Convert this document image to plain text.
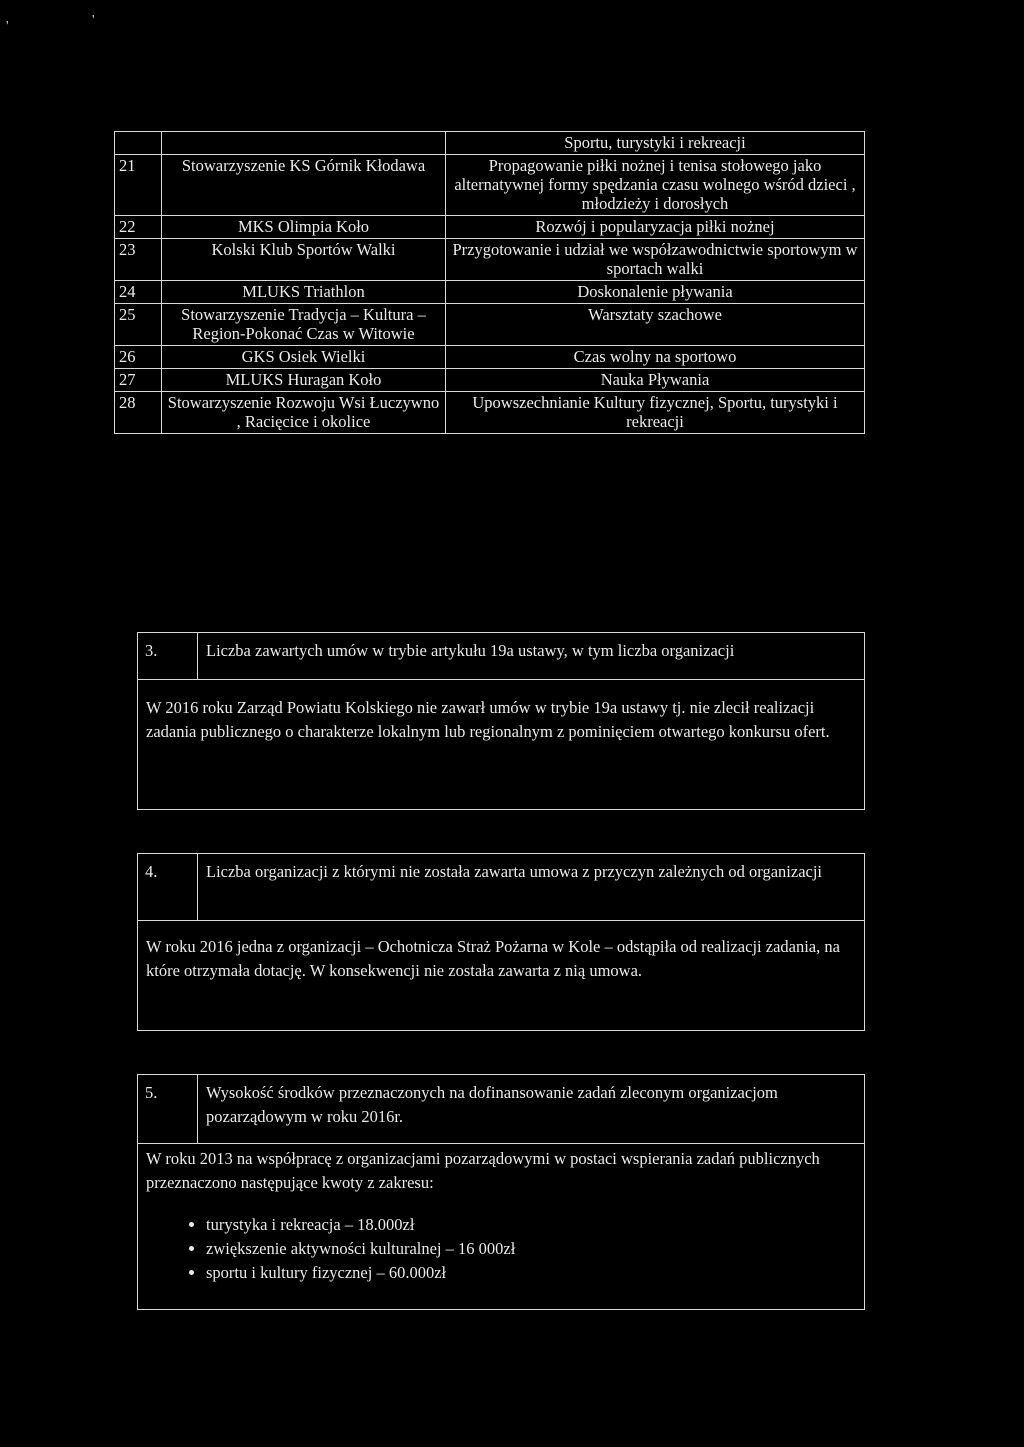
'	'
		Sportu, turystyki i rekreacji
21	Stowarzyszenie KS Górnik Kłodawa	Propagowanie piłki nożnej i tenisa stołowego jako alternatywnej formy spędzania czasu wolnego wśród dzieci , młodzieży i dorosłych
22	MKS Olimpia Koło	Rozwój i popularyzacja piłki nożnej
23	Kolski Klub Sportów Walki	Przygotowanie i udział we współzawodnictwie sportowym w sportach walki
24	MLUKS Triathlon	Doskonalenie pływania
25	Stowarzyszenie Tradycja – Kultura – Region-Pokonać Czas w Witowie	Warsztaty szachowe
26	GKS Osiek Wielki	Czas wolny na sportowo
27	MLUKS Huragan Koło	Nauka Pływania
28	Stowarzyszenie Rozwoju Wsi Łuczywno , Racięcice i okolice	Upowszechnianie Kultury fizycznej, Sportu, turystyki i rekreacji
3.	Liczba zawartych umów w trybie artykułu 19a ustawy, w tym liczba organizacji
W 2016 roku Zarząd Powiatu Kolskiego nie zawarł umów w trybie 19a ustawy tj. nie zlecił realizacji zadania publicznego o charakterze lokalnym lub regionalnym z pominięciem otwartego konkursu ofert.
4.	Liczba organizacji z którymi nie została zawarta umowa z przyczyn zależnych od organizacji
W roku 2016 jedna z organizacji – Ochotnicza Straż Pożarna w Kole – odstąpiła od realizacji zadania, na które otrzymała dotację. W konsekwencji nie została zawarta z nią umowa.
5.	Wysokość środków przeznaczonych na dofinansowanie zadań zleconym organizacjom pozarządowym w roku 2016r.
W roku 2013 na współpracę z organizacjami pozarządowymi w postaci wspierania zadań publicznych przeznaczono następujące kwoty z zakresu:
• turystyka i rekreacja – 18.000zł
• zwiększenie aktywności kulturalnej – 16 000zł
• sportu i kultury fizycznej – 60.000zł
